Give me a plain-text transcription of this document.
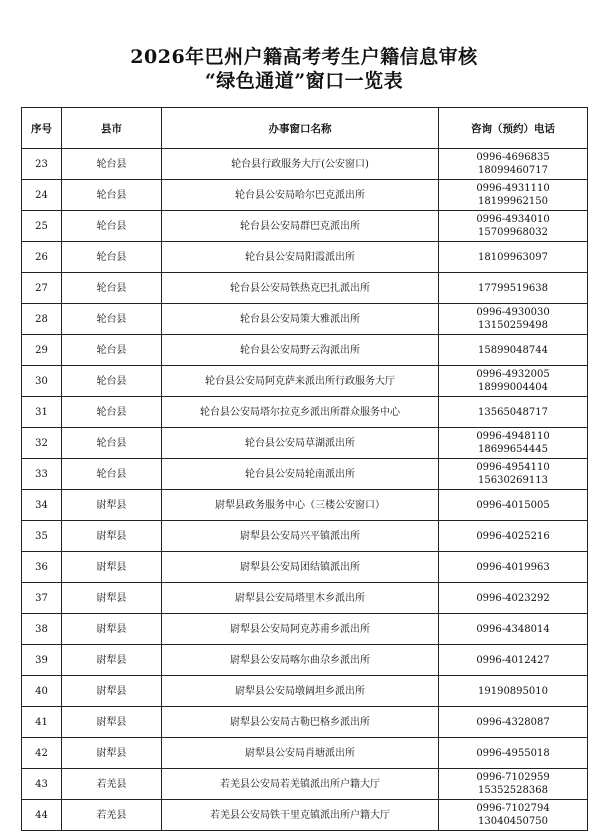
2026年巴州户籍高考考生户籍信息审核
“绿色通道”窗口一览表
序号	县市	办事窗口名称	咨询（预约）电话
23	轮台县	轮台县行政服务大厅(公安窗口)	0996-4696835
18099460717

24	轮台县	轮台县公安局哈尔巴克派出所	0996-4931110
18199962150

25	轮台县	轮台县公安局群巴克派出所	0996-4934010
15709968032

26	轮台县	轮台县公安局阳霞派出所	18109963097

27	轮台县	轮台县公安局铁热克巴扎派出所	17799519638

28	轮台县	轮台县公安局策大雅派出所	0996-4930030
13150259498

29	轮台县	轮台县公安局野云沟派出所	15899048744

30	轮台县	轮台县公安局阿克萨来派出所行政服务大厅	0996-4932005
18999004404

31	轮台县	轮台县公安局塔尔拉克乡派出所群众服务中心	13565048717

32	轮台县	轮台县公安局草湖派出所	0996-4948110
18699654445

33	轮台县	轮台县公安局轮南派出所	0996-4954110
15630269113

34	尉犁县	尉犁县政务服务中心（三楼公安窗口）	0996-4015005

35	尉犁县	尉犁县公安局兴平镇派出所	0996-4025216

36	尉犁县	尉犁县公安局团结镇派出所	0996-4019963

37	尉犁县	尉犁县公安局塔里木乡派出所	0996-4023292

38	尉犁县	尉犁县公安局阿克苏甫乡派出所	0996-4348014

39	尉犁县	尉犁县公安局喀尔曲尕乡派出所	0996-4012427

40	尉犁县	尉犁县公安局墩阔坦乡派出所	19190895010

41	尉犁县	尉犁县公安局古勒巴格乡派出所	0996-4328087

42	尉犁县	尉犁县公安局肖塘派出所	0996-4955018

43	若羌县	若羌县公安局若羌镇派出所户籍大厅	0996-7102959
15352528368

44	若羌县	若羌县公安局铁干里克镇派出所户籍大厅	0996-7102794
13040450750
